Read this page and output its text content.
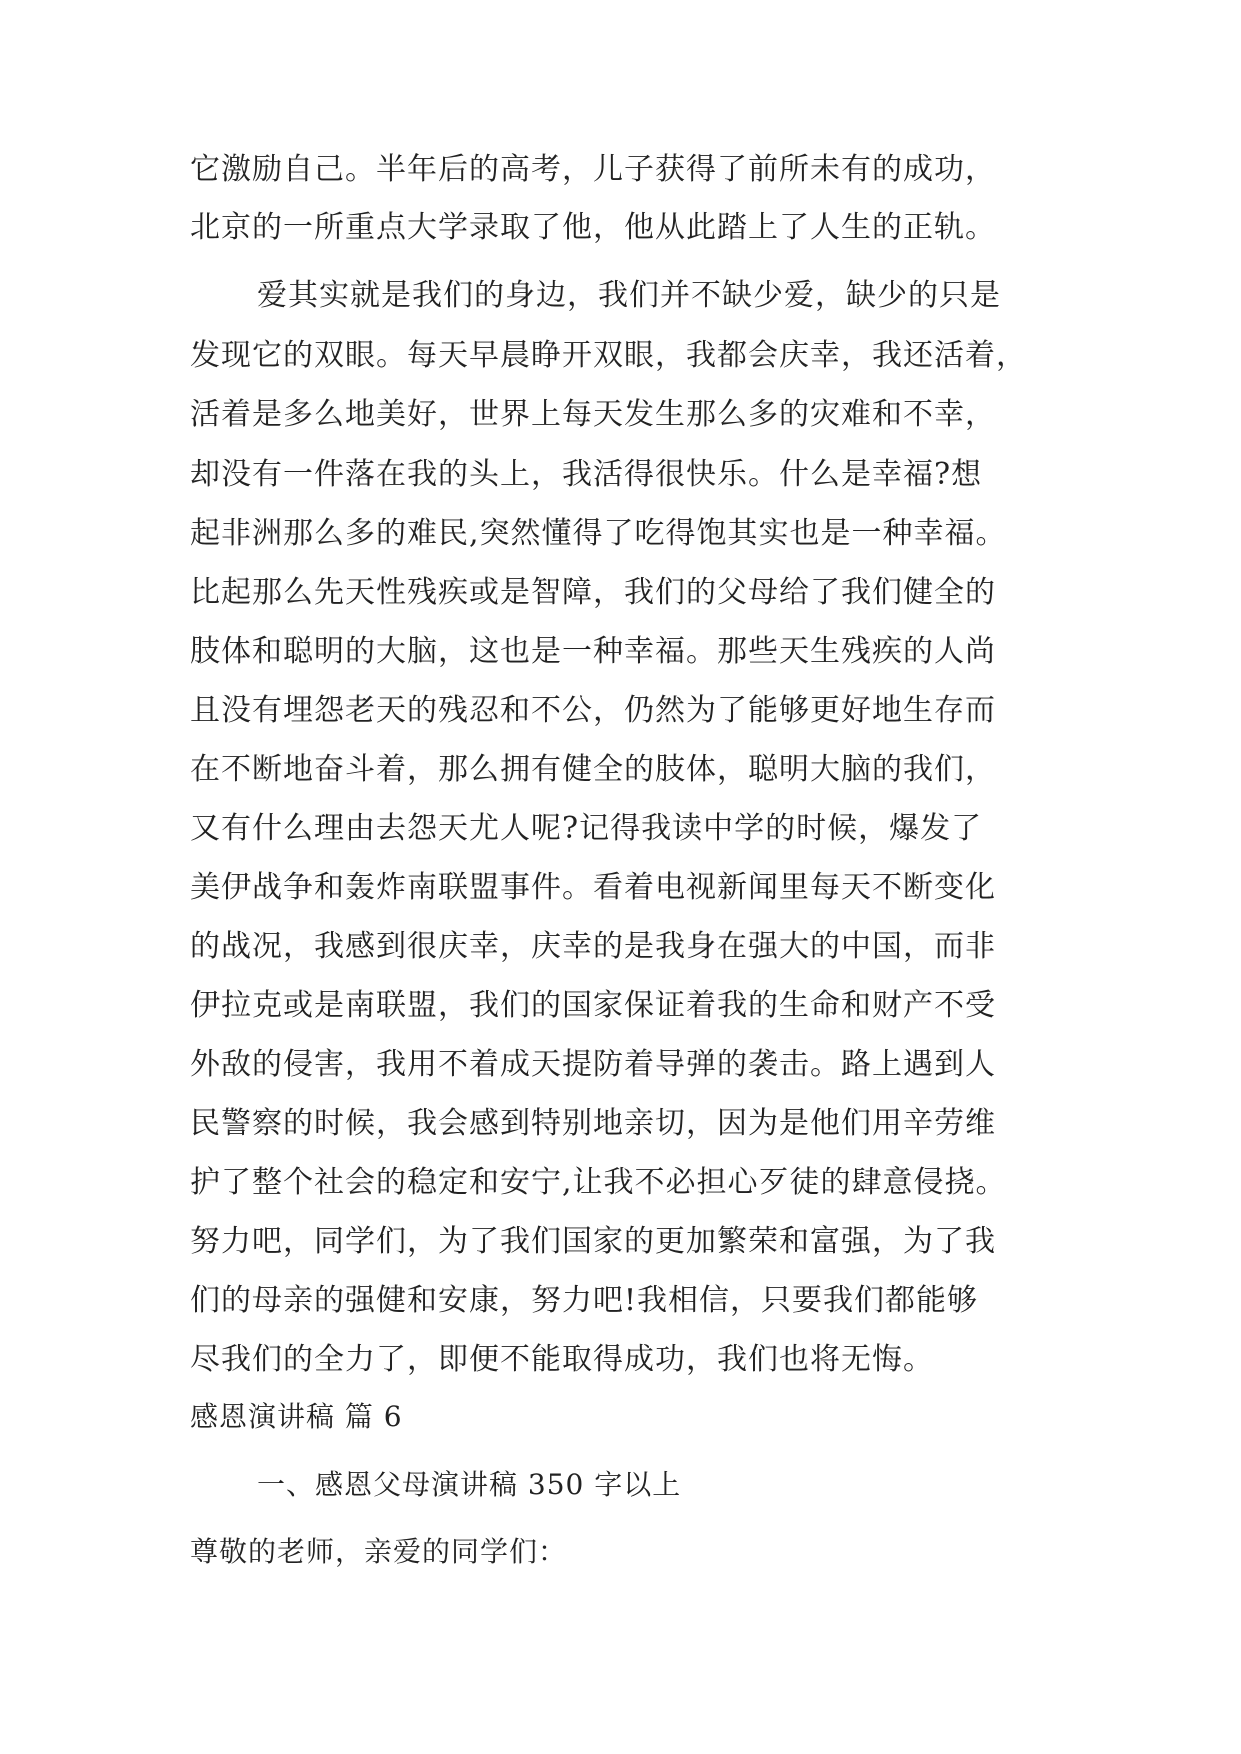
它激励自己。半年后的高考，儿子获得了前所未有的成功，
北京的一所重点大学录取了他，他从此踏上了人生的正轨。
爱其实就是我们的身边，我们并不缺少爱，缺少的只是
发现它的双眼。每天早晨睁开双眼，我都会庆幸，我还活着，
活着是多么地美好，世界上每天发生那么多的灾难和不幸，
却没有一件落在我的头上，我活得很快乐。什么是幸福?想
起非洲那么多的难民,突然懂得了吃得饱其实也是一种幸福。
比起那么先天性残疾或是智障，我们的父母给了我们健全的
肢体和聪明的大脑，这也是一种幸福。那些天生残疾的人尚
且没有埋怨老天的残忍和不公，仍然为了能够更好地生存而
在不断地奋斗着，那么拥有健全的肢体，聪明大脑的我们，
又有什么理由去怨天尤人呢?记得我读中学的时候，爆发了
美伊战争和轰炸南联盟事件。看着电视新闻里每天不断变化
的战况，我感到很庆幸，庆幸的是我身在强大的中国，而非
伊拉克或是南联盟，我们的国家保证着我的生命和财产不受
外敌的侵害，我用不着成天提防着导弹的袭击。路上遇到人
民警察的时候，我会感到特别地亲切，因为是他们用辛劳维
护了整个社会的稳定和安宁,让我不必担心歹徒的肆意侵挠。
努力吧，同学们，为了我们国家的更加繁荣和富强，为了我
们的母亲的强健和安康，努力吧!我相信，只要我们都能够
尽我们的全力了，即便不能取得成功，我们也将无悔。
感恩演讲稿 篇 6
一、感恩父母演讲稿 350 字以上
尊敬的老师，亲爱的同学们：
